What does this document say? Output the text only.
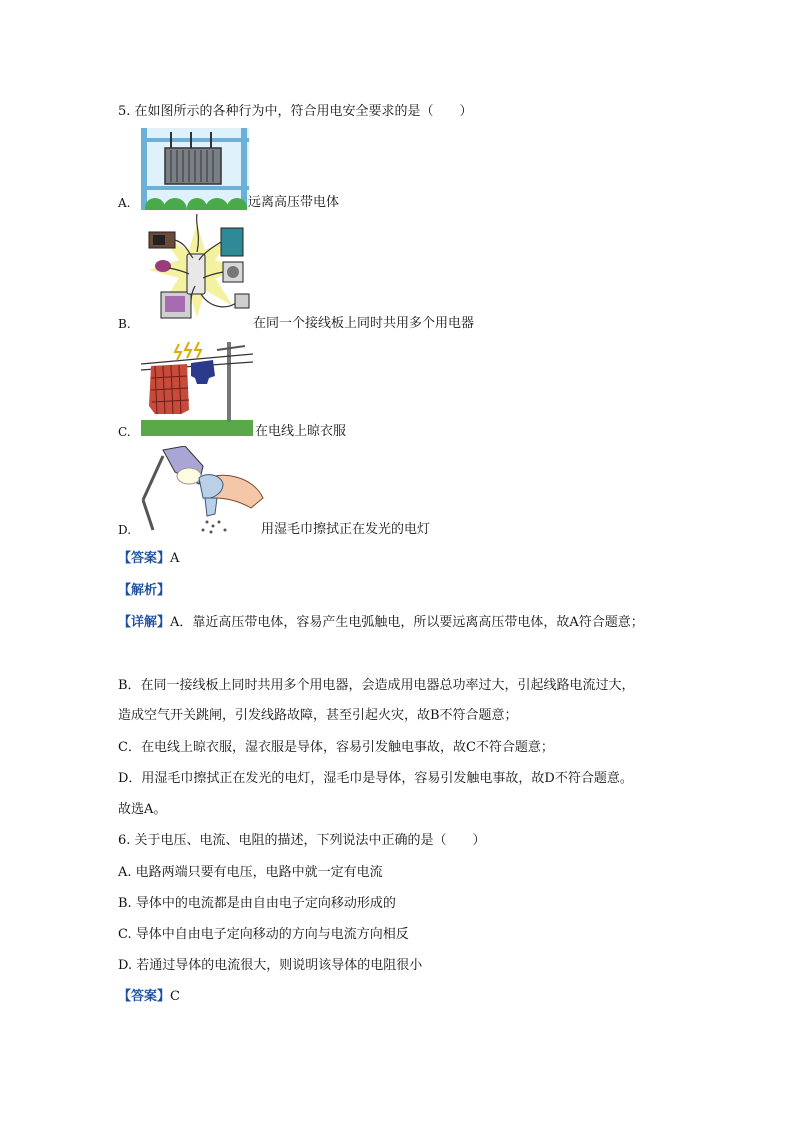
5. 在如图所示的各种行为中，符合用电安全要求的是（　　）
A.	远离高压带电体
B.	在同一个接线板上同时共用多个用电器
C.	在电线上晾衣服
D.	用湿毛巾擦拭正在发光的电灯
【答案】A
【解析】
【详解】A．靠近高压带电体，容易产生电弧触电，所以要远离高压带电体，故A符合题意；
B．在同一接线板上同时共用多个用电器，会造成用电器总功率过大，引起线路电流过大，
造成空气开关跳闸，引发线路故障，甚至引起火灾，故B不符合题意；
C．在电线上晾衣服，湿衣服是导体，容易引发触电事故，故C不符合题意；
D．用湿毛巾擦拭正在发光的电灯，湿毛巾是导体，容易引发触电事故，故D不符合题意。
故选A。
6. 关于电压、电流、电阻的描述，下列说法中正确的是（　　）
A. 电路两端只要有电压，电路中就一定有电流
B. 导体中的电流都是由自由电子定向移动形成的
C. 导体中自由电子定向移动的方向与电流方向相反
D. 若通过导体的电流很大，则说明该导体的电阻很小
【答案】C
